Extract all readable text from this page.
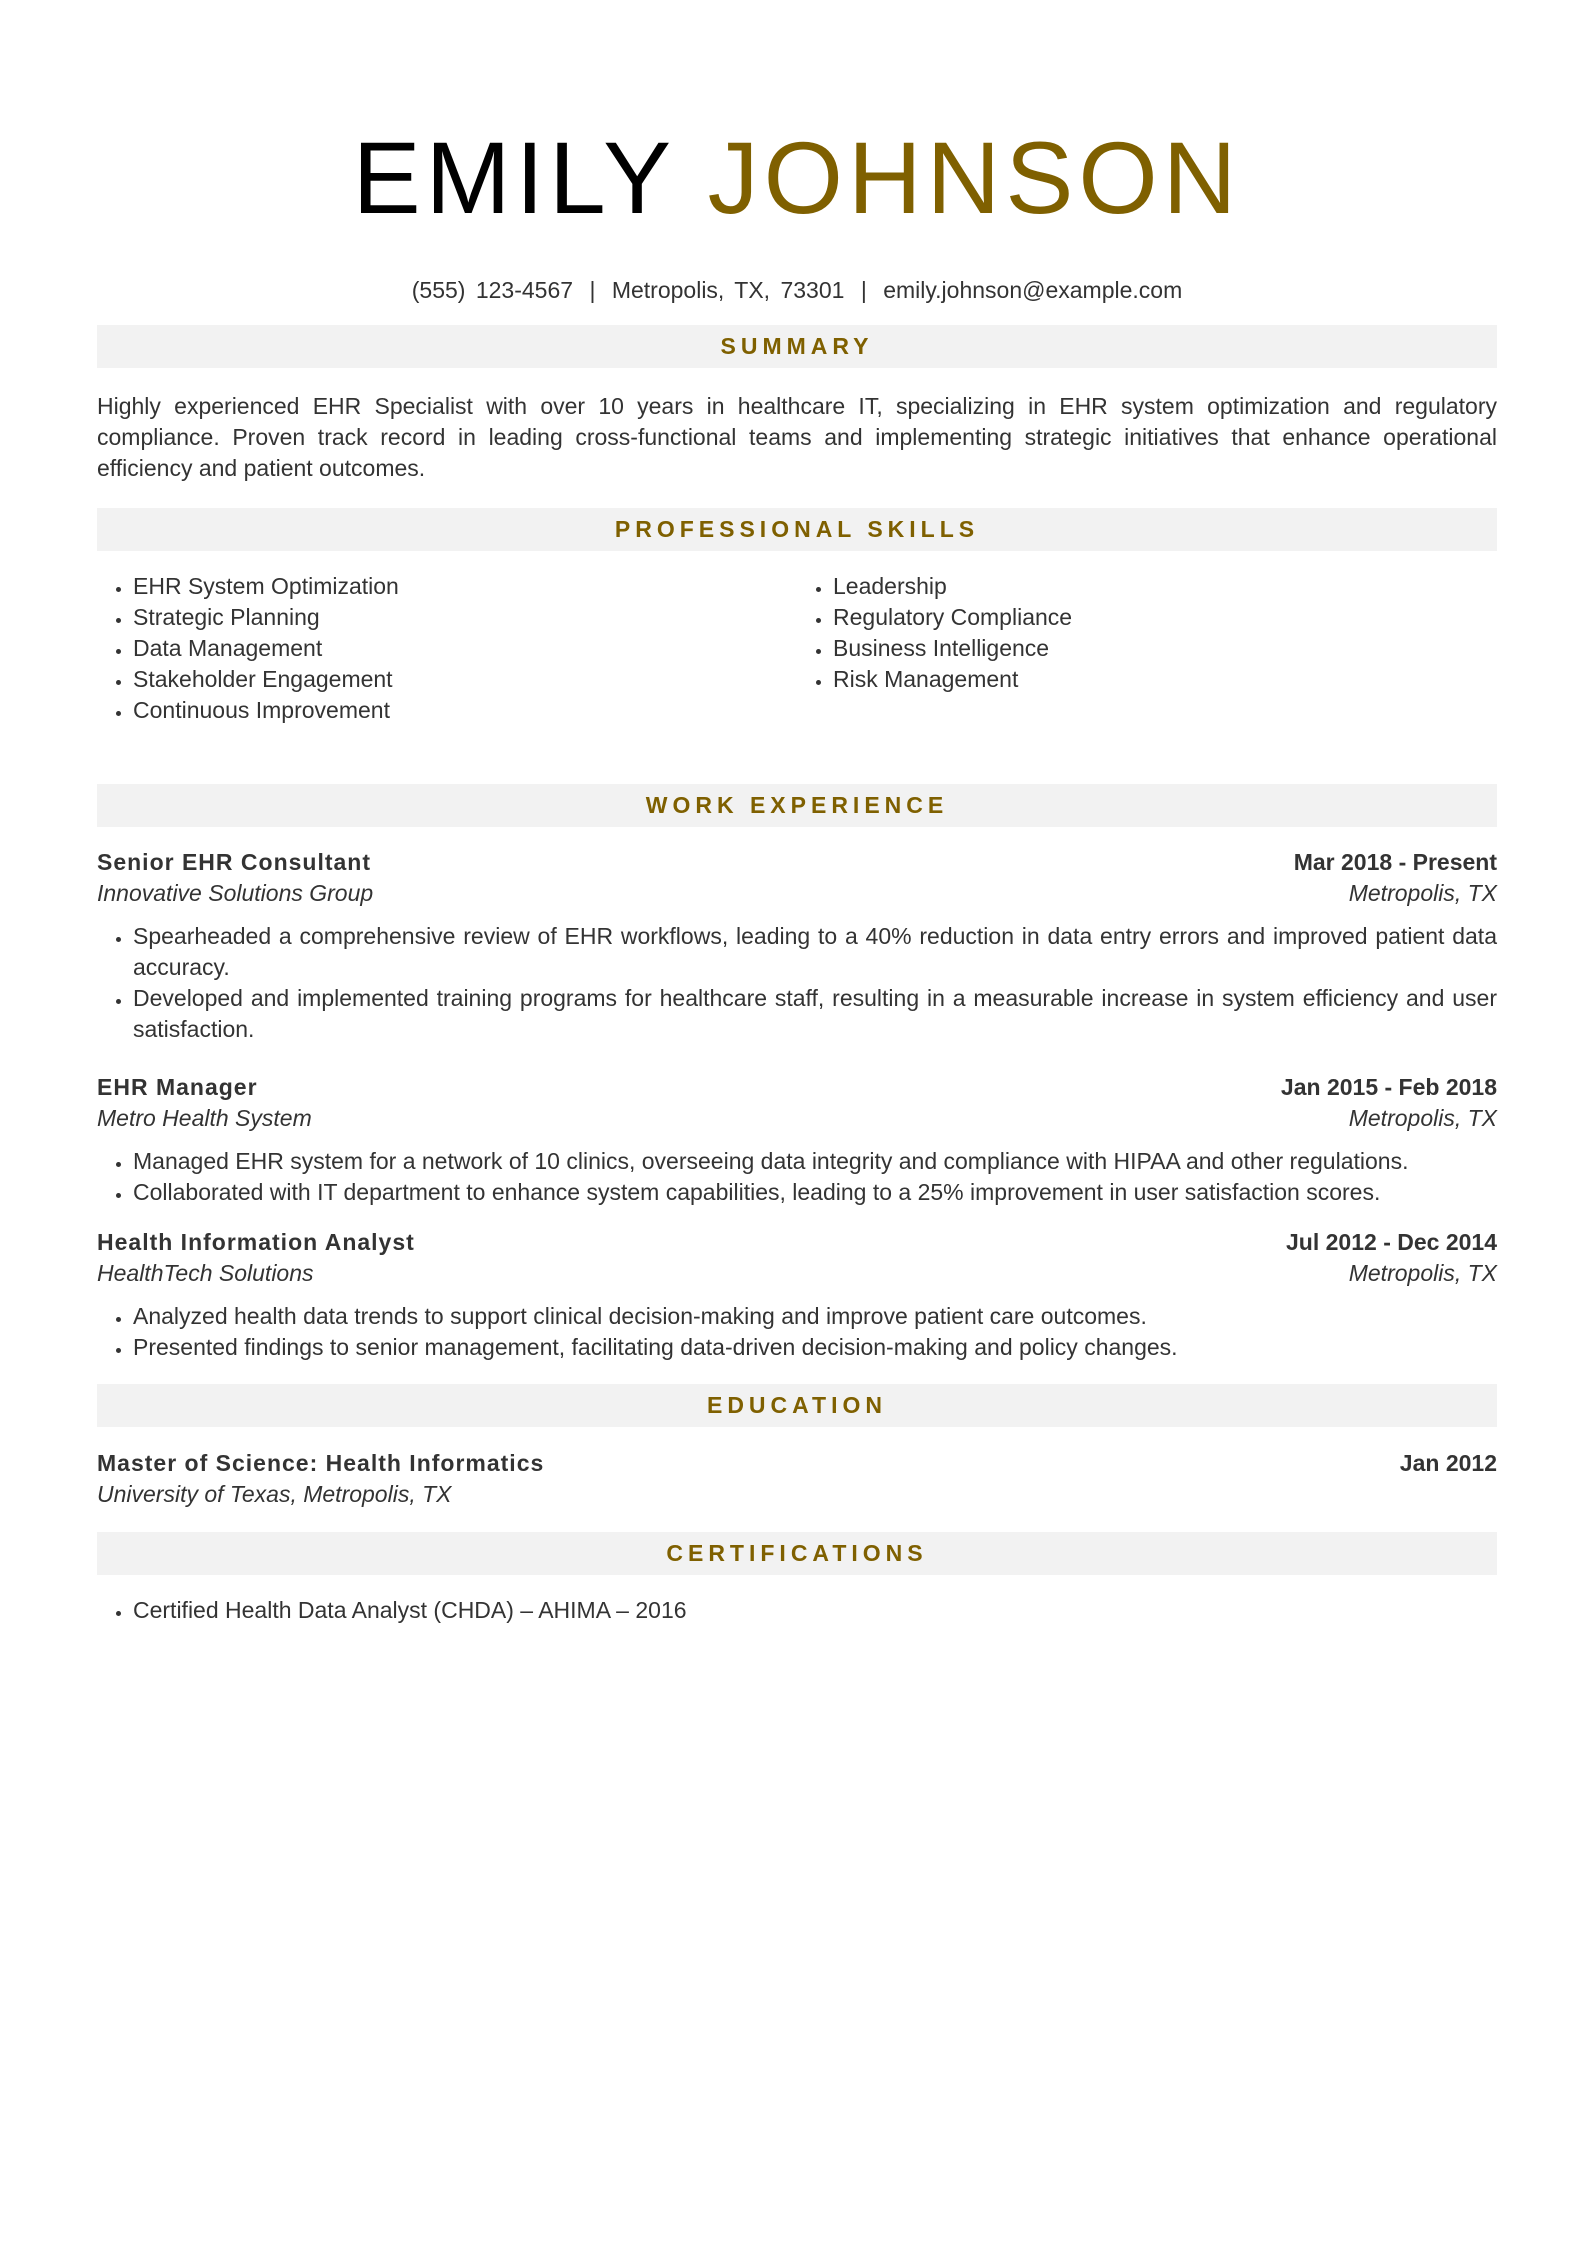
EMILY JOHNSON
(555) 123-4567 | Metropolis, TX, 73301 | emily.johnson@example.com
SUMMARY

Highly experienced EHR Specialist with over 10 years in healthcare IT, specializing in EHR system optimization and regulatory compliance. Proven track record in leading cross-functional teams and implementing strategic initiatives that enhance operational efficiency and patient outcomes.

PROFESSIONAL SKILLS
• EHR System Optimization
• Strategic Planning
• Data Management
• Stakeholder Engagement
• Continuous Improvement
• Leadership
• Regulatory Compliance
• Business Intelligence
• Risk Management
WORK EXPERIENCE
Senior EHR Consultant	Mar 2018 - Present
Innovative Solutions Group	Metropolis, TX
• Spearheaded a comprehensive review of EHR workflows, leading to a 40% reduction in data entry errors and improved patient data accuracy.
• Developed and implemented training programs for healthcare staff, resulting in a measurable increase in system efficiency and user satisfaction.
EHR Manager	Jan 2015 - Feb 2018
Metro Health System	Metropolis, TX
• Managed EHR system for a network of 10 clinics, overseeing data integrity and compliance with HIPAA and other regulations.
• Collaborated with IT department to enhance system capabilities, leading to a 25% improvement in user satisfaction scores.
Health Information Analyst	Jul 2012 - Dec 2014
HealthTech Solutions	Metropolis, TX
• Analyzed health data trends to support clinical decision-making and improve patient care outcomes.
• Presented findings to senior management, facilitating data-driven decision-making and policy changes.
EDUCATION
Master of Science: Health Informatics	Jan 2012
University of Texas, Metropolis, TX
CERTIFICATIONS
• Certified Health Data Analyst (CHDA) – AHIMA – 2016
